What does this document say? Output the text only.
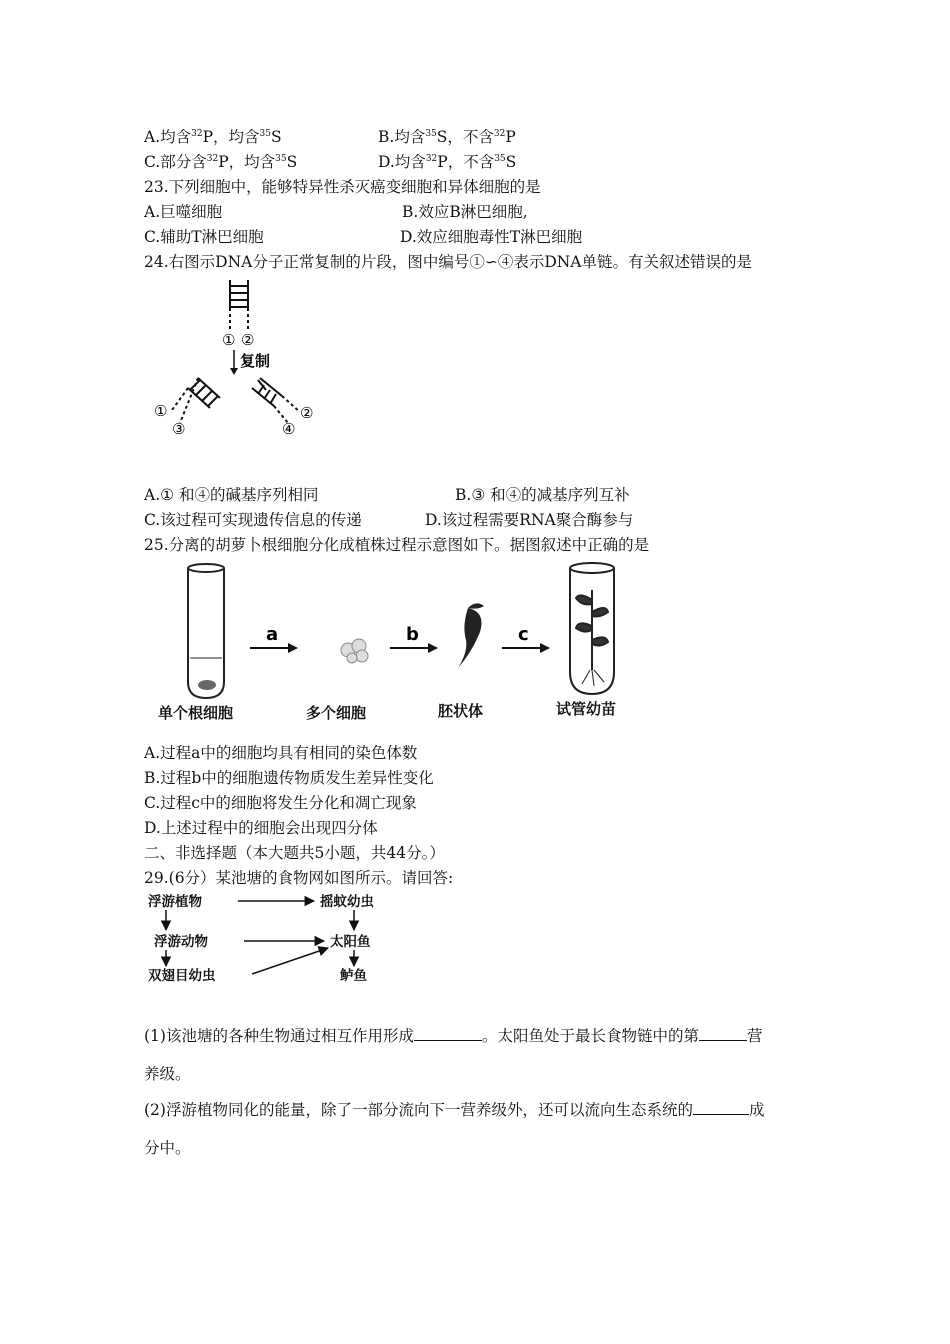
A.均含$^{32}$P，均含$^{35}$S	B.均含$^{35}$S，不含$^{32}$P
C.部分含$^{32}$P，均含$^{35}$S	D.均含$^{32}$P，不含$^{35}$S
23.下列细胞中，能够特异性杀灭癌变细胞和异体细胞的是
A.巨噬细胞	B.效应B淋巴细胞,
C.辅助T淋巴细胞	D.效应细胞毒性T淋巴细胞
24.右图示DNA分子正常复制的片段，图中编号①∽④表示DNA单链。有关叙述错误的是
① ②
复制
①
③	④
②
A.① 和④的碱基序列相同	B.③ 和④的减基序列互补
C.该过程可实现遗传信息的传递	D.该过程需要RNA聚合酶参与
25.分离的胡萝卜根细胞分化成植株过程示意图如下。据图叙述中正确的是
a	b	c
单个根细胞	多个细胞	胚状体	试管幼苗
A.过程a中的细胞均具有相同的染色体数
B.过程b中的细胞遗传物质发生差异性变化
C.过程c中的细胞将发生分化和凋亡现象
D.上述过程中的细胞会出现四分体
二、非选择题（本大题共5小题，共44分。）
29.(6分）某池塘的食物网如图所示。请回答:
浮游植物	摇蚊幼虫
浮游动物	太阳鱼
双翅目幼虫	鲈鱼
(1)该池塘的各种生物通过相互作用形成	。太阳鱼处于最长食物链中的第	营
养级。
(2)浮游植物同化的能量，除了一部分流向下一营养级外，还可以流向生态系统的	成
分中。
